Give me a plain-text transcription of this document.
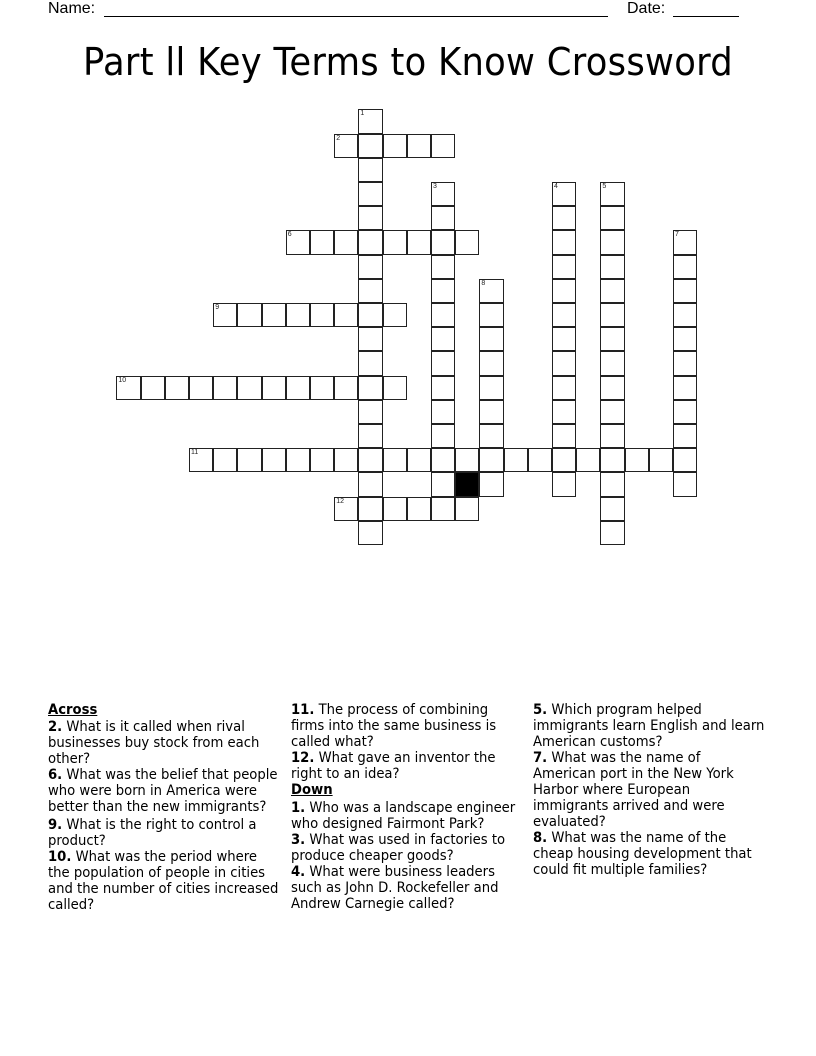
Name:	Date:
Part ll Key Terms to Know Crossword
1
2
3	4	5
6	7
8
9
10
11
12
Across
2. What is it called when rival businesses buy stock from each other?
6. What was the belief that people who were born in America were better than the new immigrants?
9. What is the right to control a product?
10. What was the period where the population of people in cities and the number of cities increased called?
11. The process of combining firms into the same business is called what?
12. What gave an inventor the right to an idea?
Down
1. Who was a landscape engineer who designed Fairmont Park?
3. What was used in factories to produce cheaper goods?
4. What were business leaders such as John D. Rockefeller and Andrew Carnegie called?
5. Which program helped immigrants learn English and learn American customs?
7. What was the name of American port in the New York Harbor where European immigrants arrived and were evaluated?
8. What was the name of the cheap housing development that could fit multiple families?
